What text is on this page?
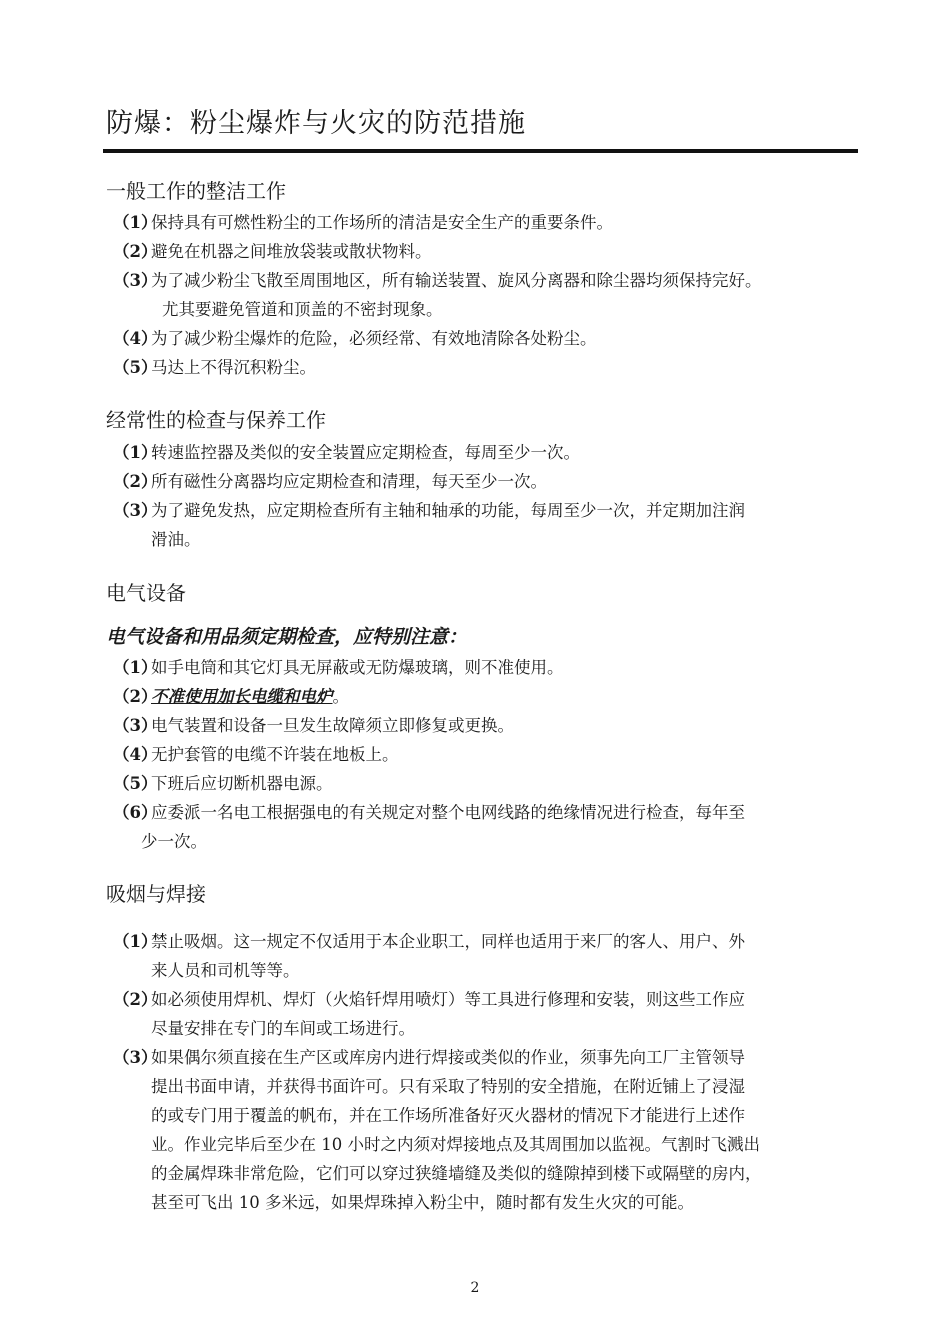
防爆：粉尘爆炸与火灾的防范措施
一般工作的整洁工作
（1）保持具有可燃性粉尘的工作场所的清洁是安全生产的重要条件。
（2）避免在机器之间堆放袋装或散状物料。
（3）为了减少粉尘飞散至周围地区，所有输送装置、旋风分离器和除尘器均须保持完好。
尤其要避免管道和顶盖的不密封现象。
（4）为了减少粉尘爆炸的危险，必须经常、有效地清除各处粉尘。
（5）马达上不得沉积粉尘。
经常性的检查与保养工作
（1）转速监控器及类似的安全装置应定期检查，每周至少一次。
（2）所有磁性分离器均应定期检查和清理，每天至少一次。
（3）为了避免发热，应定期检查所有主轴和轴承的功能，每周至少一次，并定期加注润
滑油。
电气设备
电气设备和用品须定期检查，应特别注意：
（1）如手电筒和其它灯具无屏蔽或无防爆玻璃，则不准使用。
（2）不准使用加长电缆和电炉。
（3）电气装置和设备一旦发生故障须立即修复或更换。
（4）无护套管的电缆不许装在地板上。
（5）下班后应切断机器电源。
（6）应委派一名电工根据强电的有关规定对整个电网线路的绝缘情况进行检查，每年至
少一次。
吸烟与焊接
（1）禁止吸烟。这一规定不仅适用于本企业职工，同样也适用于来厂的客人、用户、外
来人员和司机等等。
（2）如必须使用焊机、焊灯（火焰钎焊用喷灯）等工具进行修理和安装，则这些工作应
尽量安排在专门的车间或工场进行。
（3）如果偶尔须直接在生产区或库房内进行焊接或类似的作业，须事先向工厂主管领导
提出书面申请，并获得书面许可。只有采取了特别的安全措施，在附近铺上了浸湿
的或专门用于覆盖的帆布，并在工作场所准备好灭火器材的情况下才能进行上述作
业。作业完毕后至少在 10 小时之内须对焊接地点及其周围加以监视。气割时飞溅出
的金属焊珠非常危险，它们可以穿过狭缝墙缝及类似的缝隙掉到楼下或隔壁的房内，
甚至可飞出 10 多米远，如果焊珠掉入粉尘中，随时都有发生火灾的可能。
2
